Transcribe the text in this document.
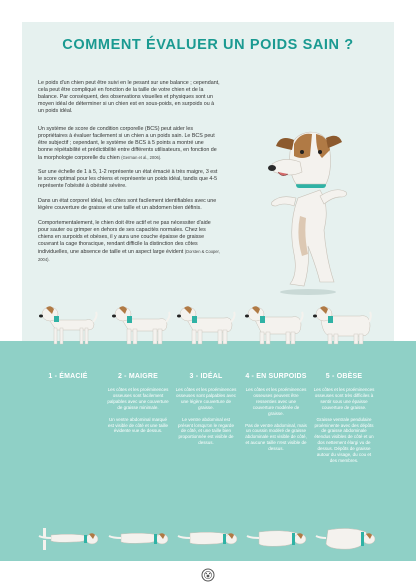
COMMENT ÉVALUER UN POIDS SAIN ?

Le poids d'un chien peut être suivi en le pesant sur une balance ; cependant, cela peut être compliqué en fonction de la taille de votre chien et de la balance. Par conséquent, des observations visuelles et physiques sont un moyen idéal de déterminer si un chien est en sous-poids, en surpoids ou à un poids idéal.

Un système de score de condition corporelle (BCS) peut aider les propriétaires à évaluer facilement si un chien a un poids sain. Le BCS peut être subjectif ; cependant, le système de BCS à 5 points a montré une bonne répétabilité et prédictibilité entre différents utilisateurs, en fonction de la morphologie corporelle du chien (German et al., 2006).

Sur une échelle de 1 à 5, 1-2 représente un état émacié à très maigre, 3 est le score optimal pour les chiens et représente un poids idéal, tandis que 4-5 représente l'obésité à obésité sévère.

Dans un état corporel idéal, les côtes sont facilement identifiables avec une légère couverture de graisse et une taille et un abdomen bien définis.

Comportementalement, le chien doit être actif et ne pas nécessiter d'aide pour sauter ou grimper en dehors de ses capacités normales. Chez les chiens en surpoids et obèses, il y aura une couche épaisse de graisse couvrant la cage thoracique, rendant difficile la distinction des côtes individuelles, une absence de taille et un aspect large évident (Dorsten & Cooper, 2004).

1 - ÉMACIÉ	2 - MAIGRE
Les côtes et les proéminences osseuses sont facilement palpables avec une couverture de graisse minimale.
Un ventre abdominal marqué est visible de côté et une taille évidente vue de dessus.
3 - IDÉAL
Les côtes et les proéminences osseuses sont palpables avec une légère couverture de graisse.
Le ventre abdominal est présent lorsqu'on le regarde de côté, et une taille bien proportionnée est visible de dessus.
4 - EN SURPOIDS
Les côtes et les proéminences osseuses peuvent être ressenties avec une couverture modérée de graisse.
Pas de ventre abdominal, mais un coussin modéré de graisse abdominale est visible de côté, et aucune taille n'est visible de dessus.
5 - OBÈSE
Les côtes et les proéminences osseuses sont très difficiles à sentir sous une épaisse couverture de graisse.
Graisse ventrale pendulaire proéminente avec des dépôts de graisse abdominale étendus visibles de côté et un dos nettement élargi vu de dessus. Dépôts de graisse autour du visage, du cou et des membres.
